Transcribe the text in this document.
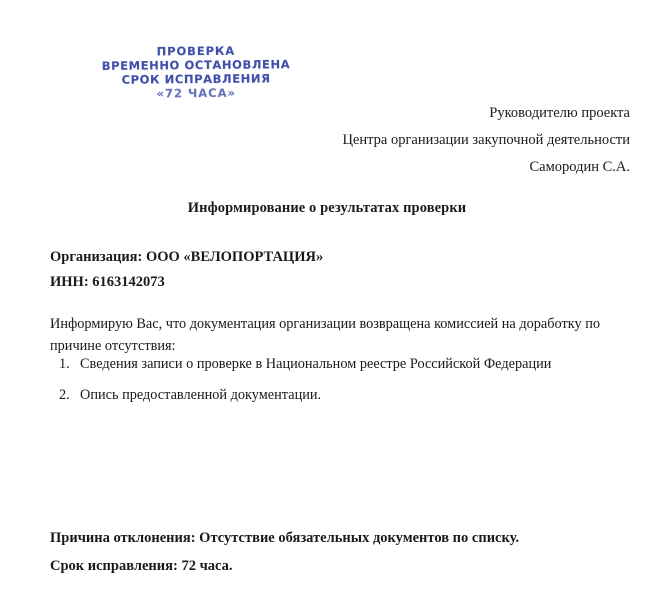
ПРОВЕРКА
ВРЕМЕННО ОСТАНОВЛЕНА
СРОК ИСПРАВЛЕНИЯ
«72 ЧАСА»
Руководителю проекта
Центра организации закупочной деятельности
Самородин С.А.
Информирование о результатах проверки
Организация: ООО «ВЕЛОПОРТАЦИЯ»
ИНН: 6163142073
Информирую Вас, что документация организации возвращена комиссией на доработку по причине отсутствия:
1. Сведения записи о проверке в Национальном реестре Российской Федерации
2. Опись предоставленной документации.
Причина отклонения: Отсутствие обязательных документов по списку.
Срок исправления: 72 часа.
